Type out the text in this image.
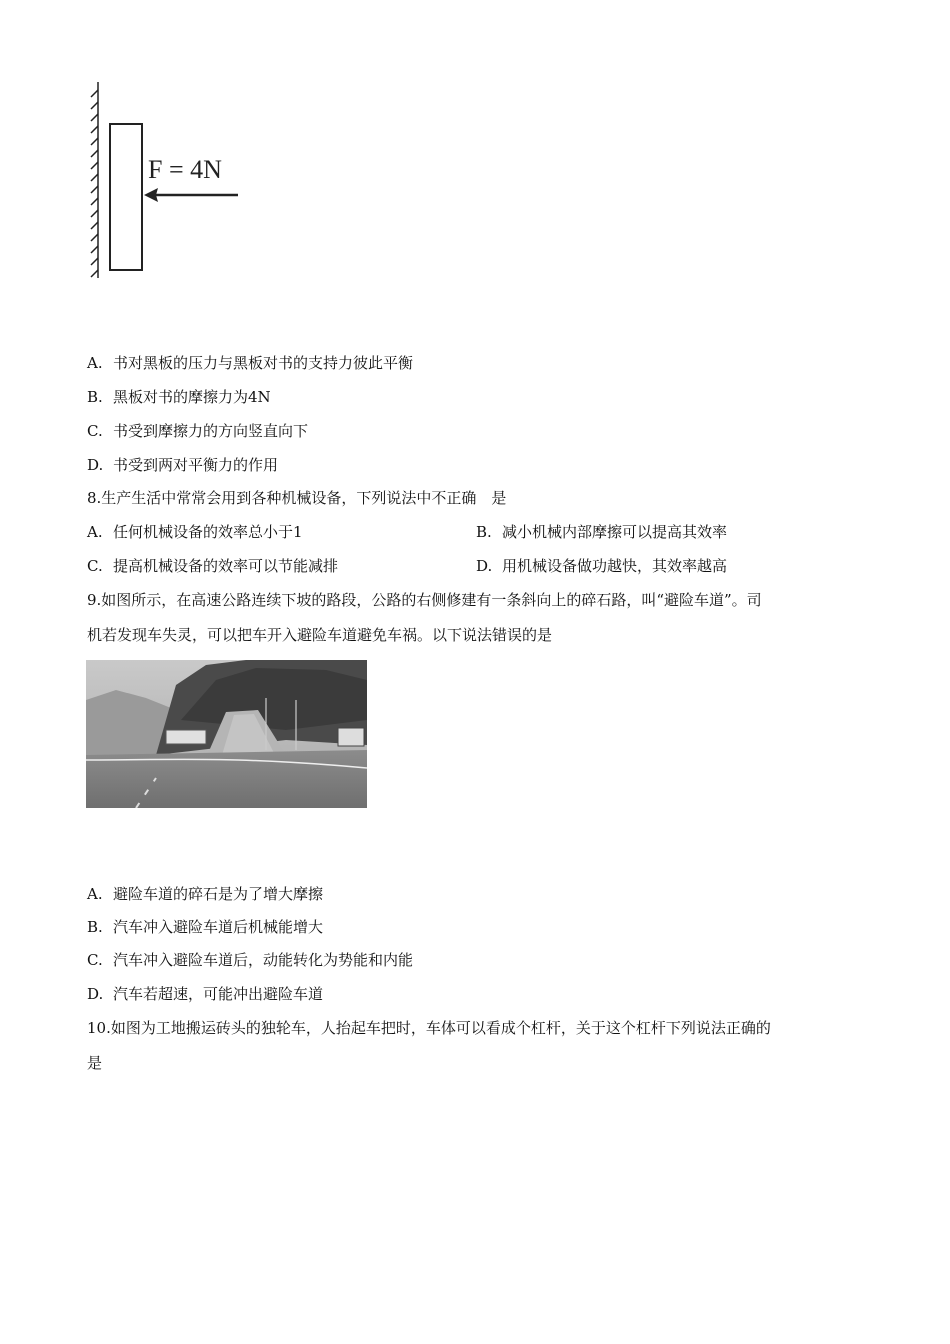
F = 4N
A. 书对黑板的压力与黑板对书的支持力彼此平衡
B. 黑板对书的摩擦力为4N
C. 书受到摩擦力的方向竖直向下
D. 书受到两对平衡力的作用
8.生产生活中常常会用到各种机械设备，下列说法中不正确　是
A. 任何机械设备的效率总小于1	B. 减小机械内部摩擦可以提高其效率
C. 提高机械设备的效率可以节能减排	D. 用机械设备做功越快，其效率越高
9.如图所示，在高速公路连续下坡的路段，公路的右侧修建有一条斜向上的碎石路，叫“避险车道”。司
机若发现车失灵，可以把车开入避险车道避免车祸。以下说法错误的是
A. 避险车道的碎石是为了增大摩擦
B. 汽车冲入避险车道后机械能增大
C. 汽车冲入避险车道后，动能转化为势能和内能
D. 汽车若超速，可能冲出避险车道
10.如图为工地搬运砖头的独轮车，人抬起车把时，车体可以看成个杠杆，关于这个杠杆下列说法正确的
是
